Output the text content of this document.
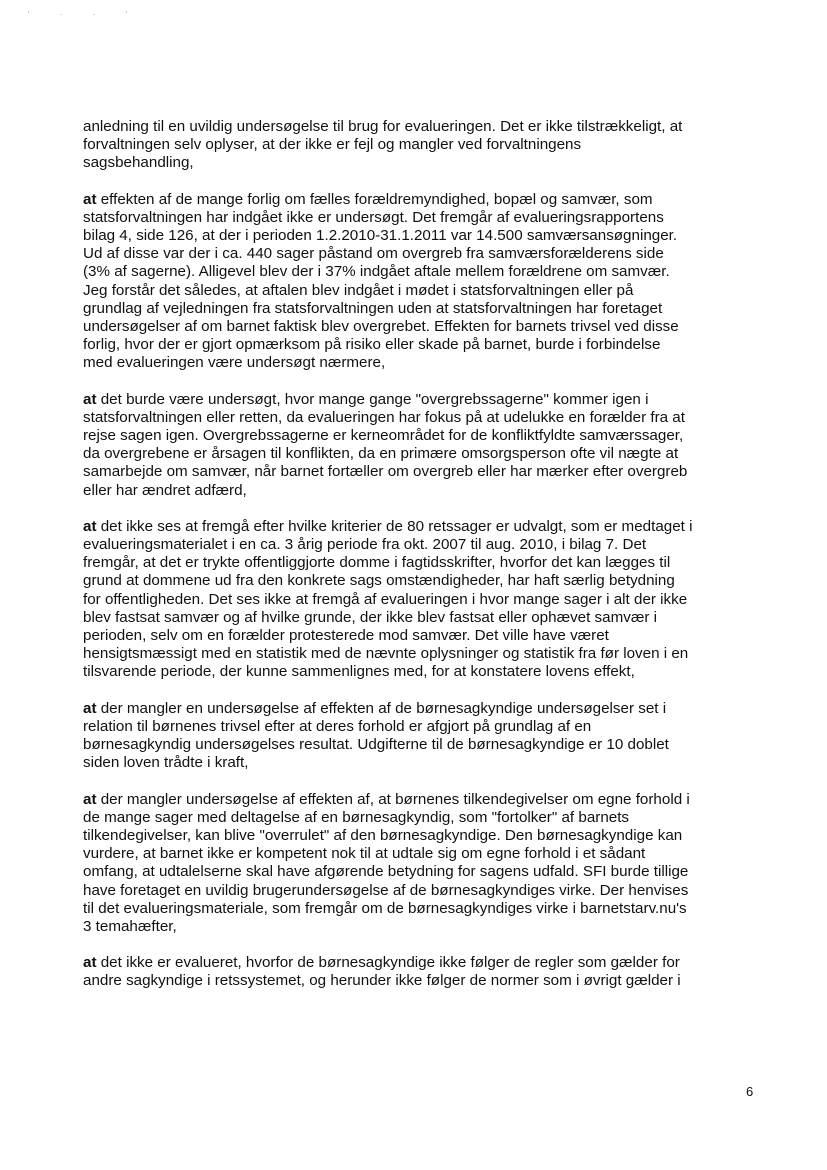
' · · '
anledning til en uvildig undersøgelse til brug for evalueringen. Det er ikke tilstrækkeligt, at
forvaltningen selv oplyser, at der ikke er fejl og mangler ved forvaltningens
sagsbehandling,
at effekten af de mange forlig om fælles forældremyndighed, bopæl og samvær, som
statsforvaltningen har indgået ikke er undersøgt. Det fremgår af evalueringsrapportens
bilag 4, side 126, at der i perioden 1.2.2010-31.1.2011 var 14.500 samværsansøgninger.
Ud af disse var der i ca. 440 sager påstand om overgreb fra samværsforælderens side
(3% af sagerne). Alligevel blev der i 37% indgået aftale mellem forældrene om samvær.
Jeg forstår det således, at aftalen blev indgået i mødet i statsforvaltningen eller på
grundlag af vejledningen fra statsforvaltningen uden at statsforvaltningen har foretaget
undersøgelser af om barnet faktisk blev overgrebet. Effekten for barnets trivsel ved disse
forlig, hvor der er gjort opmærksom på risiko eller skade på barnet, burde i forbindelse
med evalueringen være undersøgt nærmere,
at det burde være undersøgt, hvor mange gange "overgrebssagerne" kommer igen i
statsforvaltningen eller retten, da evalueringen har fokus på at udelukke en forælder fra at
rejse sagen igen. Overgrebssagerne er kerneområdet for de konfliktfyldte samværssager,
da overgrebene er årsagen til konflikten, da en primære omsorgsperson ofte vil nægte at
samarbejde om samvær, når barnet fortæller om overgreb eller har mærker efter overgreb
eller har ændret adfærd,
at det ikke ses at fremgå efter hvilke kriterier de 80 retssager er udvalgt, som er medtaget i
evalueringsmaterialet i en ca. 3 årig periode fra okt. 2007 til aug. 2010, i bilag 7. Det
fremgår, at det er trykte offentliggjorte domme i fagtidsskrifter, hvorfor det kan lægges til
grund at dommene ud fra den konkrete sags omstændigheder, har haft særlig betydning
for offentligheden. Det ses ikke at fremgå af evalueringen i hvor mange sager i alt der ikke
blev fastsat samvær og af hvilke grunde, der ikke blev fastsat eller ophævet samvær i
perioden, selv om en forælder protesterede mod samvær. Det ville have været
hensigtsmæssigt med en statistik med de nævnte oplysninger og statistik fra før loven i en
tilsvarende periode, der kunne sammenlignes med, for at konstatere lovens effekt,
at der mangler en undersøgelse af effekten af de børnesagkyndige undersøgelser set i
relation til børnenes trivsel efter at deres forhold er afgjort på grundlag af en
børnesagkyndig undersøgelses resultat. Udgifterne til de børnesagkyndige er 10 doblet
siden loven trådte i kraft,
at der mangler undersøgelse af effekten af, at børnenes tilkendegivelser om egne forhold i
de mange sager med deltagelse af en børnesagkyndig, som "fortolker" af barnets
tilkendegivelser, kan blive "overrulet" af den børnesagkyndige. Den børnesagkyndige kan
vurdere, at barnet ikke er kompetent nok til at udtale sig om egne forhold i et sådant
omfang, at udtalelserne skal have afgørende betydning for sagens udfald. SFI burde tillige
have foretaget en uvildig brugerundersøgelse af de børnesagkyndiges virke. Der henvises
til det evalueringsmateriale, som fremgår om de børnesagkyndiges virke i barnetstarv.nu's
3 temahæfter,
at det ikke er evalueret, hvorfor de børnesagkyndige ikke følger de regler som gælder for
andre sagkyndige i retssystemet, og herunder ikke følger de normer som i øvrigt gælder i
6
